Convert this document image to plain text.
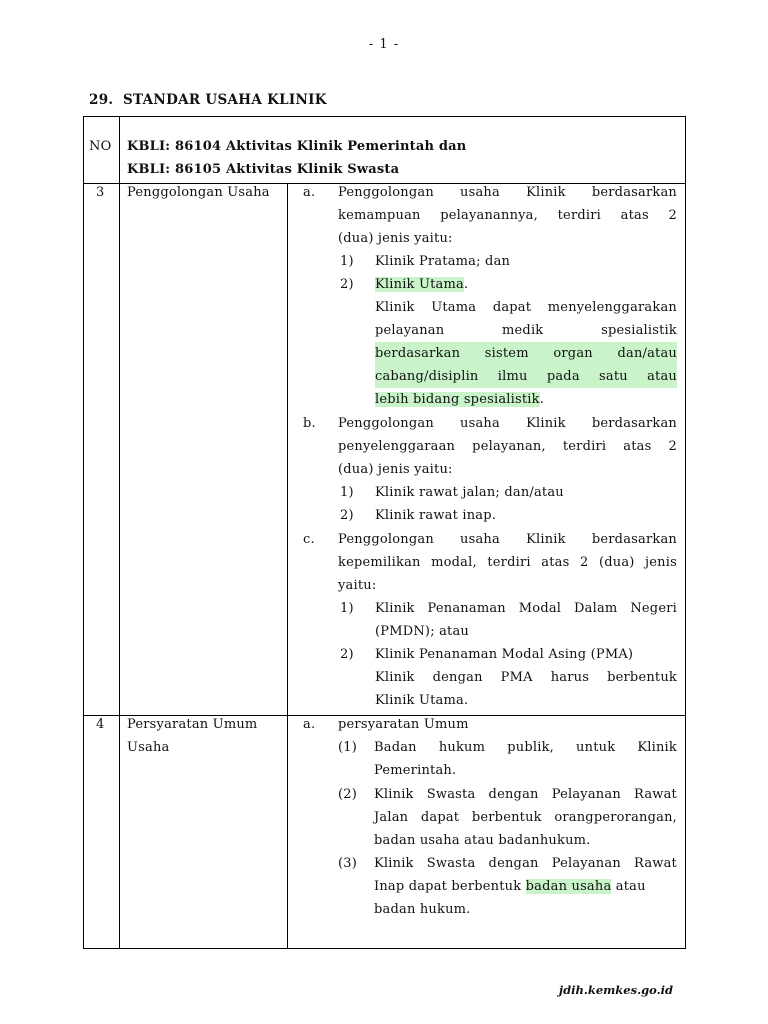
- 1 -
29. STANDAR USAHA KLINIK
NO KBLI: 86104 Aktivitas Klinik Pemerintah dan
KBLI: 86105 Aktivitas Klinik Swasta
3 Penggolongan Usaha	a. Penggolongan usaha Klinik berdasarkan
kemampuan pelayanannya, terdiri atas 2
(dua) jenis yaitu:
1) Klinik Pratama; dan
2) Klinik Utama.
Klinik Utama dapat menyelenggarakan
pelayanan medik spesialistik
berdasarkan sistem organ dan/atau
cabang/disiplin ilmu pada satu atau
lebih bidang spesialistik.
b. Penggolongan usaha Klinik berdasarkan
penyelenggaraan pelayanan, terdiri atas 2
(dua) jenis yaitu:
1) Klinik rawat jalan; dan/atau
2) Klinik rawat inap.
c. Penggolongan usaha Klinik berdasarkan
kepemilikan modal, terdiri atas 2 (dua) jenis
yaitu:
1) Klinik Penanaman Modal Dalam Negeri
(PMDN); atau
2) Klinik Penanaman Modal Asing (PMA)
Klinik dengan PMA harus berbentuk
Klinik Utama.
4 Persyaratan Umum
Usaha
a. persyaratan Umum
(1) Badan hukum publik, untuk Klinik
Pemerintah.
(2) Klinik Swasta dengan Pelayanan Rawat
Jalan dapat berbentuk orangperorangan,
badan usaha atau badanhukum.
(3) Klinik Swasta dengan Pelayanan Rawat
Inap dapat berbentuk badan usaha atau
badan hukum.
jdih.kemkes.go.id
